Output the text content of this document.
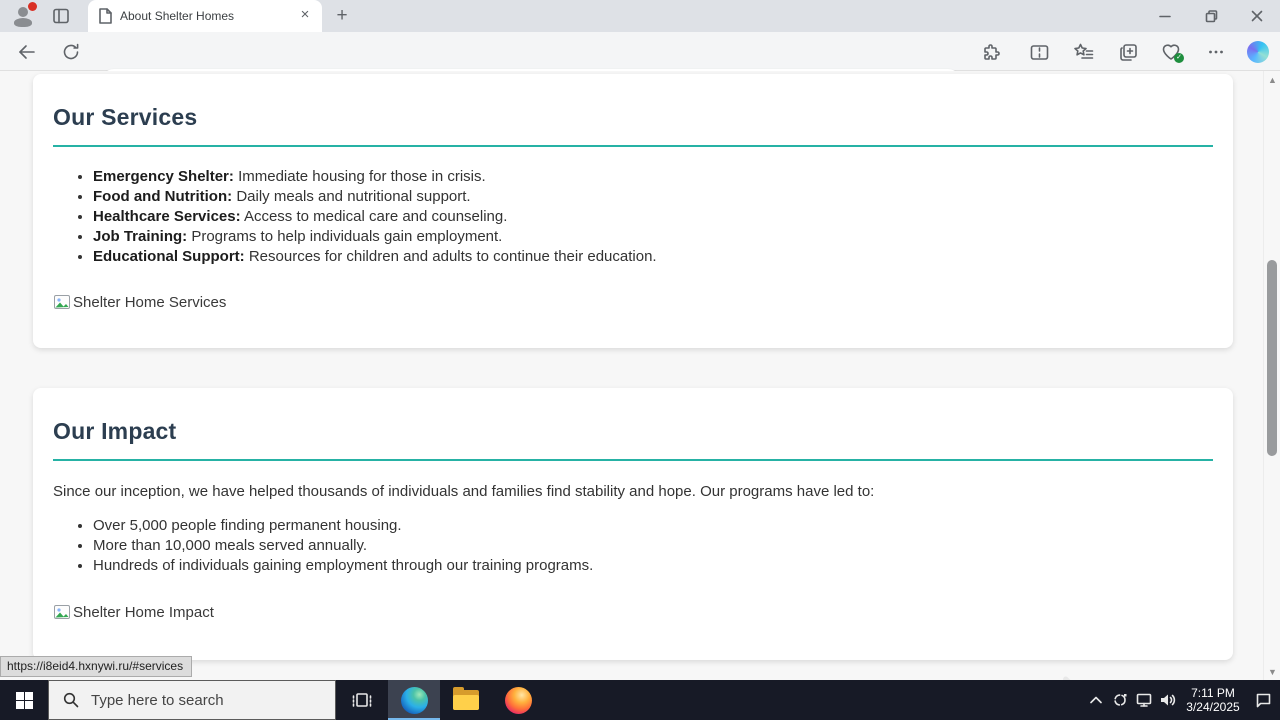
About Shelter Homes	×	+
✓
Our Services
• Emergency Shelter: Immediate housing for those in crisis.
• Food and Nutrition: Daily meals and nutritional support.
• Healthcare Services: Access to medical care and counseling.
• Job Training: Programs to help individuals gain employment.
• Educational Support: Resources for children and adults to continue their education.
Shelter Home Services
Our Impact

Since our inception, we have helped thousands of individuals and families find stability and hope. Our programs have led to:

• Over 5,000 people finding permanent housing.
• More than 10,000 meals served annually.
• Hundreds of individuals gaining employment through our training programs.
Shelter Home Impact
▲
▼
https://i8eid4.hxnywi.ru/#services
Type here to search	7:11 PM
3/24/2025
